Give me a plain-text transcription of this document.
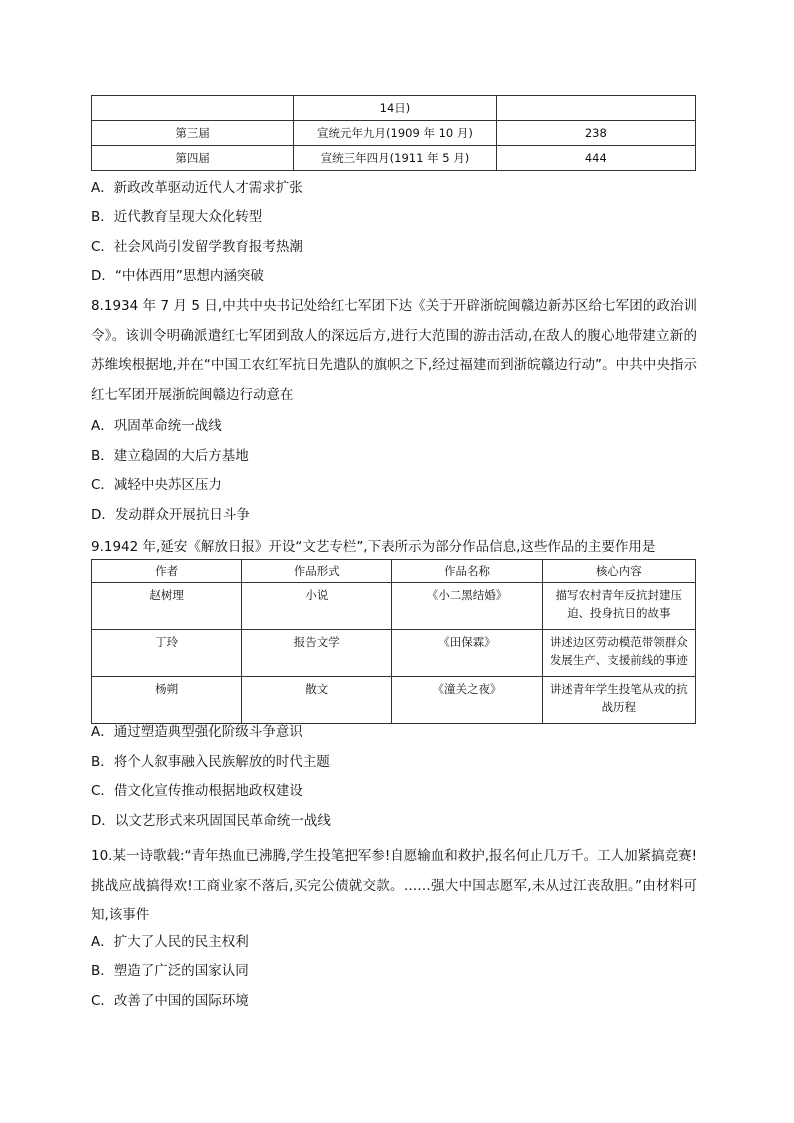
	14日)	
第三届	宣统元年九月(1909 年 10 月)	238
第四届	宣统三年四月(1911 年 5 月)	444
A．新政改革驱动近代人才需求扩张
B．近代教育呈现大众化转型
C．社会风尚引发留学教育报考热潮
D．“中体西用”思想内涵突破
8.1934 年 7 月 5 日,中共中央书记处给红七军团下达《关于开辟浙皖闽赣边新苏区给七军团的政治训令》。该训令明确派遣红七军团到敌人的深远后方,进行大范围的游击活动,在敌人的腹心地带建立新的苏维埃根据地,并在“中国工农红军抗日先遣队的旗帜之下,经过福建而到浙皖赣边行动”。中共中央指示红七军团开展浙皖闽赣边行动意在
A．巩固革命统一战线
B．建立稳固的大后方基地
C．减轻中央苏区压力
D．发动群众开展抗日斗争
9.1942 年,延安《解放日报》开设“文艺专栏”,下表所示为部分作品信息,这些作品的主要作用是
作者	作品形式	作品名称	核心内容
赵树理	小说	《小二黑结婚》	描写农村青年反抗封建压迫、投身抗日的故事
丁玲	报告文学	《田保霖》	讲述边区劳动模范带领群众发展生产、支援前线的事迹
杨朔	散文	《潼关之夜》	讲述青年学生投笔从戎的抗战历程
A．通过塑造典型强化阶级斗争意识
B．将个人叙事融入民族解放的时代主题
C．借文化宣传推动根据地政权建设
D．以文艺形式来巩固国民革命统一战线
10.某一诗歌载:“青年热血已沸腾,学生投笔把军参!自愿输血和救护,报名何止几万千。工人加紧搞竞赛!挑战应战搞得欢!工商业家不落后,买完公债就交款。……强大中国志愿军,未从过江丧敌胆。”由材料可知,该事件
A．扩大了人民的民主权利
B．塑造了广泛的国家认同
C．改善了中国的国际环境
